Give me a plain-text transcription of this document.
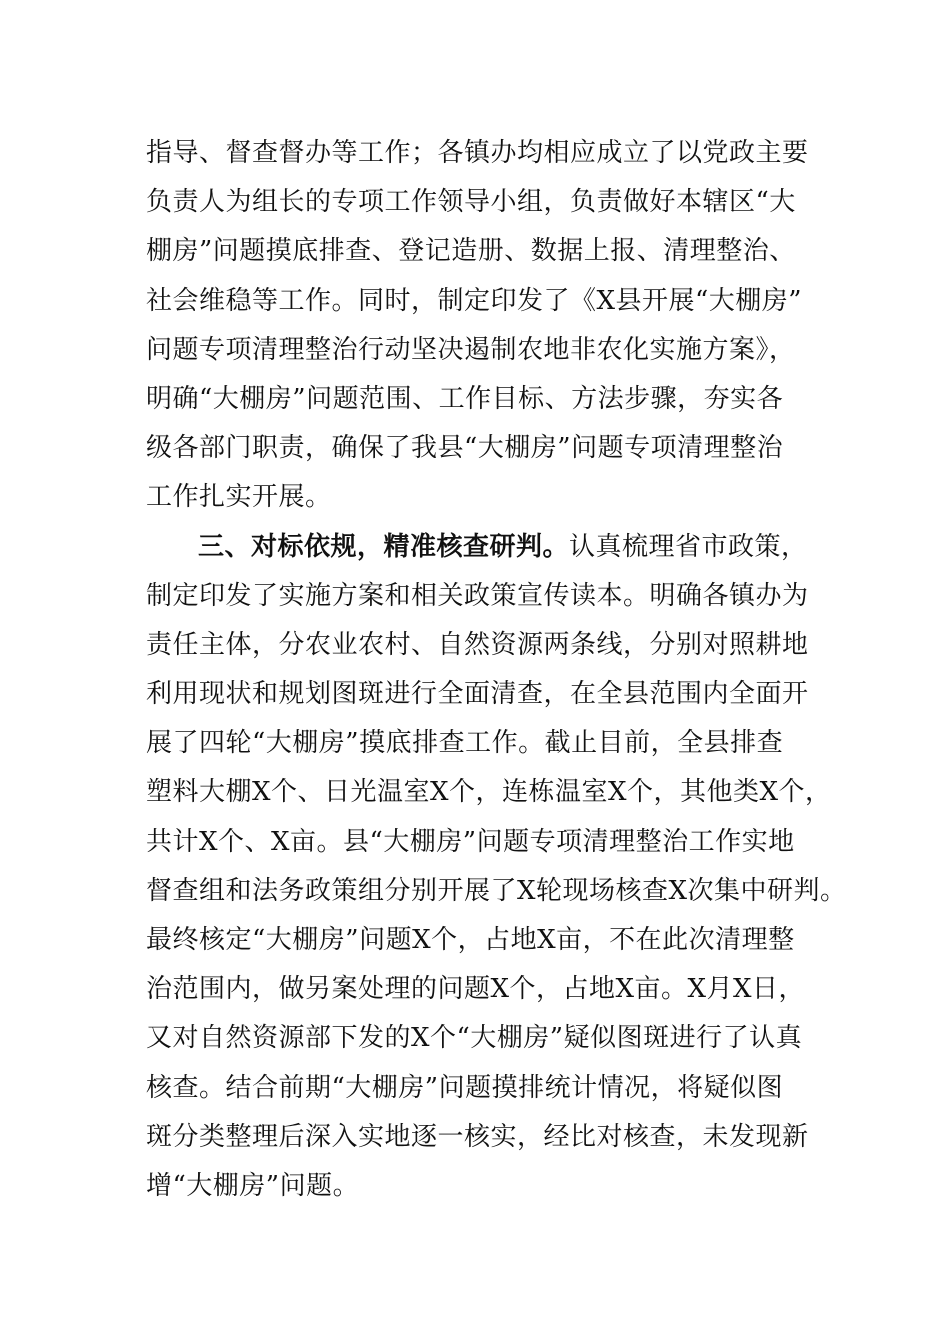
指导、督查督办等工作；各镇办均相应成立了以党政主要
负责人为组长的专项工作领导小组，负责做好本辖区“大
棚房”问题摸底排查、登记造册、数据上报、清理整治、
社会维稳等工作。同时，制定印发了《X县开展“大棚房”
问题专项清理整治行动坚决遏制农地非农化实施方案》，
明确“大棚房”问题范围、工作目标、方法步骤，夯实各
级各部门职责，确保了我县“大棚房”问题专项清理整治
工作扎实开展。
三、对标依规，精准核查研判。认真梳理省市政策，
制定印发了实施方案和相关政策宣传读本。明确各镇办为
责任主体，分农业农村、自然资源两条线，分别对照耕地
利用现状和规划图斑进行全面清查，在全县范围内全面开
展了四轮“大棚房”摸底排查工作。截止目前，全县排查
塑料大棚X个、日光温室X个，连栋温室X个，其他类X个，
共计X个、X亩。县“大棚房”问题专项清理整治工作实地
督查组和法务政策组分别开展了X轮现场核查X次集中研判。
最终核定“大棚房”问题X个，占地X亩，不在此次清理整
治范围内，做另案处理的问题X个，占地X亩。X月X日，
又对自然资源部下发的X个“大棚房”疑似图斑进行了认真
核查。结合前期“大棚房”问题摸排统计情况，将疑似图
斑分类整理后深入实地逐一核实，经比对核查，未发现新
增“大棚房”问题。
